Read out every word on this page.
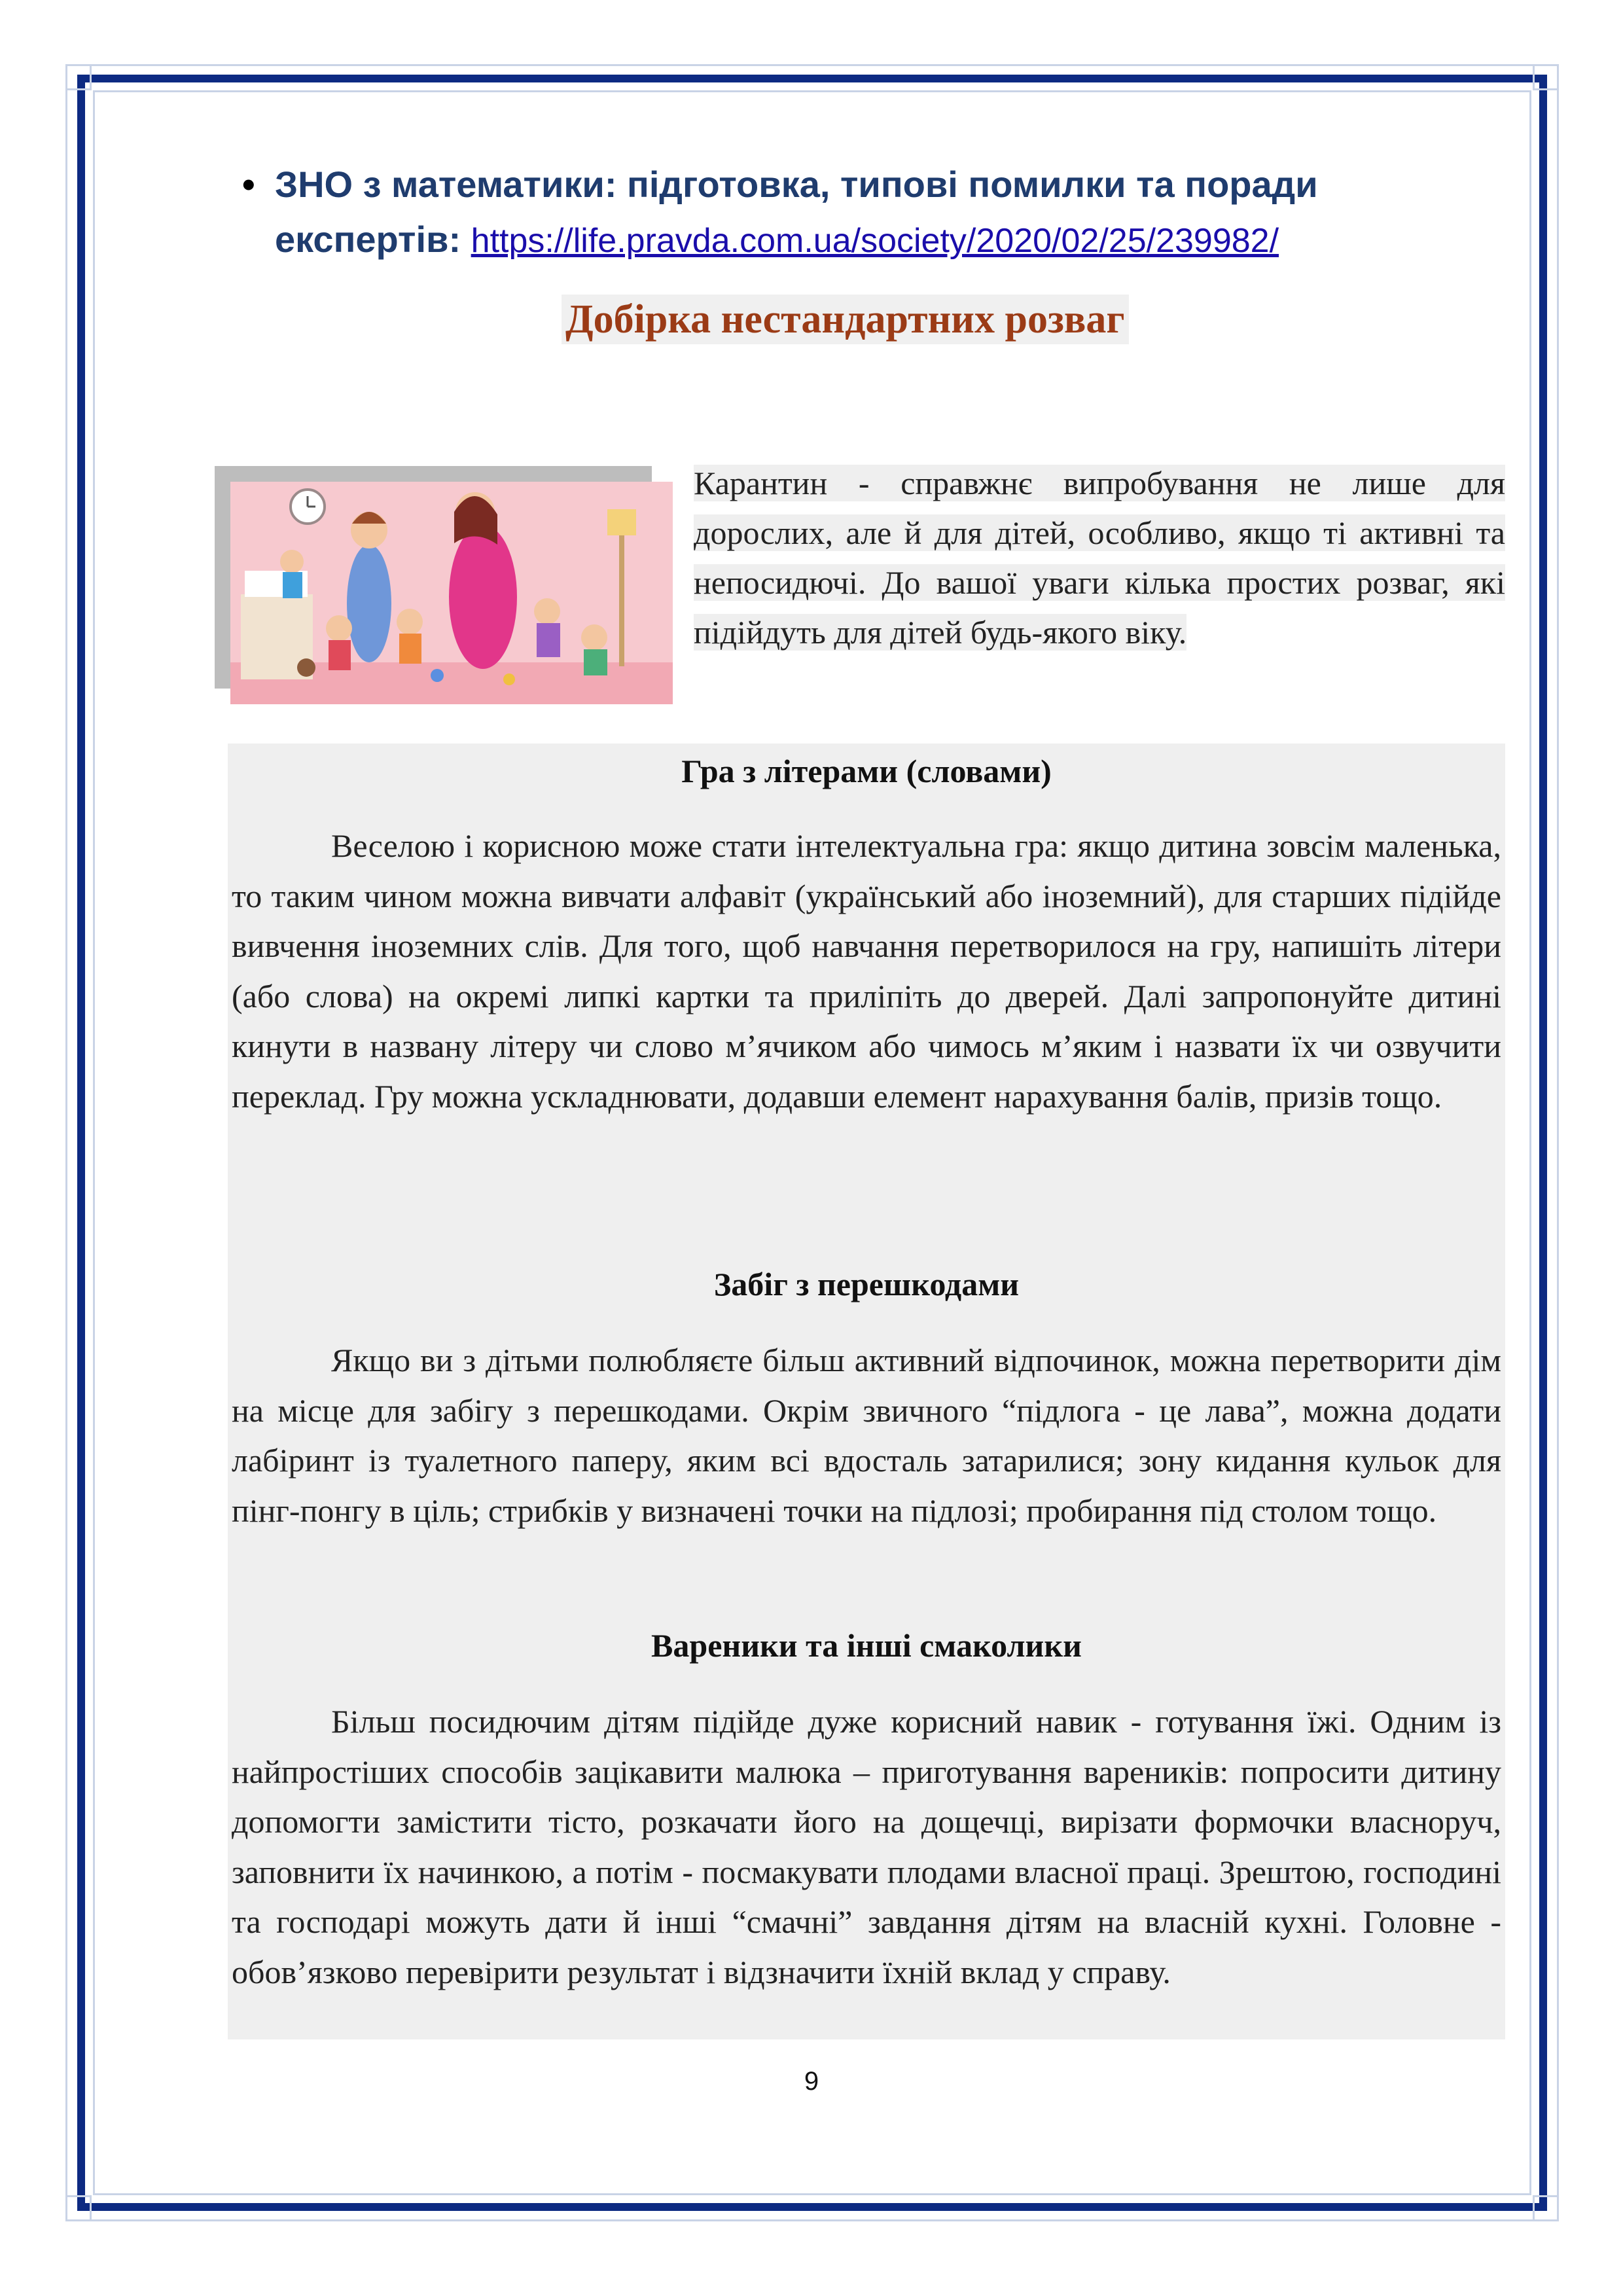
• ЗНО з математики: підготовка, типові помилки та поради експертів: https://life.pravda.com.ua/society/2020/02/25/239982/
Добірка нестандартних розваг
Карантин - справжнє випробування не лише для дорослих, але й для дітей, особливо, якщо ті активні та непосидючі. До вашої уваги кілька простих розваг, які підійдуть для дітей будь-якого віку.
Гра з літерами (словами)
Веселою і корисною може стати інтелектуальна гра: якщо дитина зовсім маленька, то таким чином можна вивчати алфавіт (український або іноземний), для старших підійде вивчення іноземних слів. Для того, щоб навчання перетворилося на гру, напишіть літери (або слова) на окремі липкі картки та приліпіть до дверей. Далі запропонуйте дитині кинути в названу літеру чи слово м’ячиком або чимось м’яким і назвати їх чи озвучити переклад. Гру можна ускладнювати, додавши елемент нарахування балів, призів тощо.
Забіг з перешкодами
Якщо ви з дітьми полюбляєте більш активний відпочинок, можна перетворити дім на місце для забігу з перешкодами. Окрім звичного “підлога - це лава”, можна додати лабіринт із туалетного паперу, яким всі вдосталь затарилися; зону кидання кульок для пінг-понгу в ціль; стрибків у визначені точки на підлозі; пробирання під столом тощо.
Вареники та інші смаколики
Більш посидючим дітям підійде дуже корисний навик - готування їжі. Одним із найпростіших способів зацікавити малюка – приготування вареників: попросити дитину допомогти замістити тісто, розкачати його на дощечці, вирізати формочки власноруч, заповнити їх начинкою, а потім - посмакувати плодами власної праці. Зрештою, господині та господарі можуть дати й інші “смачні” завдання дітям на власній кухні. Головне - обов’язково перевірити результат і відзначити їхній вклад у справу.
9
